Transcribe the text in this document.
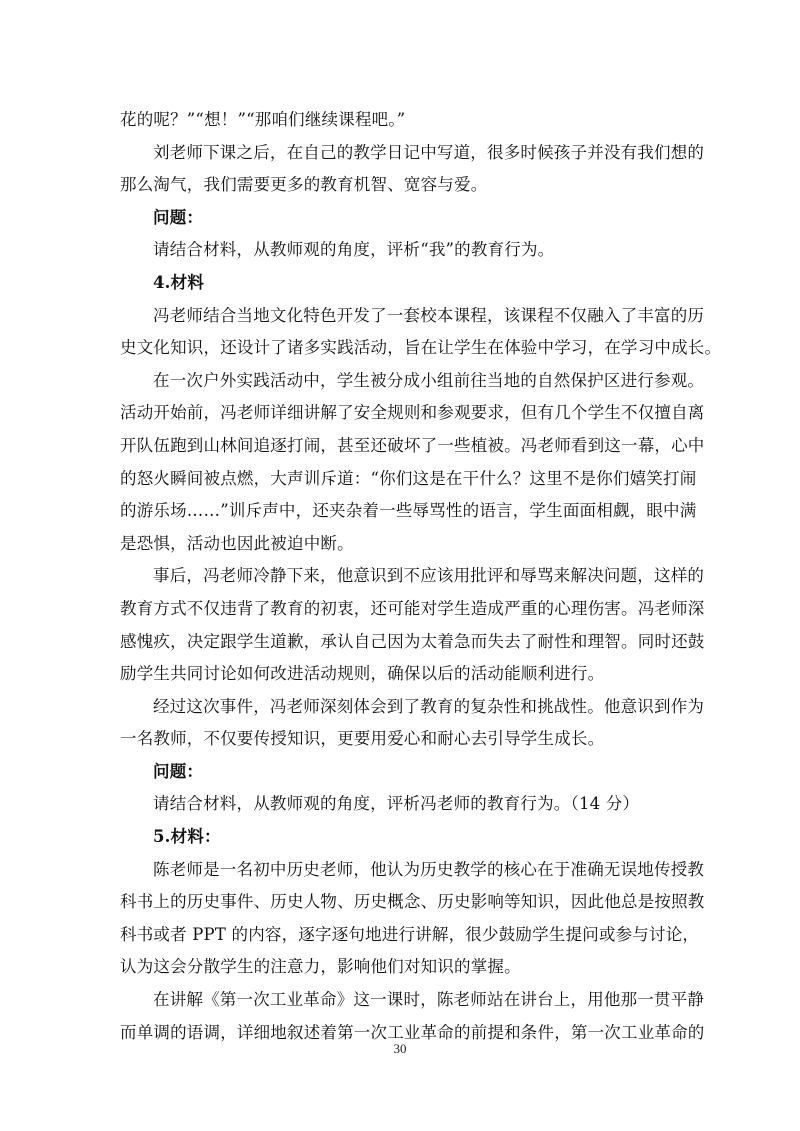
花的呢？”“想！”“那咱们继续课程吧。”
刘老师下课之后，在自己的教学日记中写道，很多时候孩子并没有我们想的
那么淘气，我们需要更多的教育机智、宽容与爱。
问题：
请结合材料，从教师观的角度，评析“我”的教育行为。
4.材料
冯老师结合当地文化特色开发了一套校本课程，该课程不仅融入了丰富的历
史文化知识，还设计了诸多实践活动，旨在让学生在体验中学习，在学习中成长。
在一次户外实践活动中，学生被分成小组前往当地的自然保护区进行参观。
活动开始前，冯老师详细讲解了安全规则和参观要求，但有几个学生不仅擅自离
开队伍跑到山林间追逐打闹，甚至还破坏了一些植被。冯老师看到这一幕，心中
的怒火瞬间被点燃，大声训斥道：“你们这是在干什么？这里不是你们嬉笑打闹
的游乐场……”训斥声中，还夹杂着一些辱骂性的语言，学生面面相觑，眼中满
是恐惧，活动也因此被迫中断。
事后，冯老师冷静下来，他意识到不应该用批评和辱骂来解决问题，这样的
教育方式不仅违背了教育的初衷，还可能对学生造成严重的心理伤害。冯老师深
感愧疚，决定跟学生道歉，承认自己因为太着急而失去了耐性和理智。同时还鼓
励学生共同讨论如何改进活动规则，确保以后的活动能顺利进行。
经过这次事件，冯老师深刻体会到了教育的复杂性和挑战性。他意识到作为
一名教师，不仅要传授知识，更要用爱心和耐心去引导学生成长。
问题：
请结合材料，从教师观的角度，评析冯老师的教育行为。（14 分）
5.材料：
陈老师是一名初中历史老师，他认为历史教学的核心在于准确无误地传授教
科书上的历史事件、历史人物、历史概念、历史影响等知识，因此他总是按照教
科书或者 PPT 的内容，逐字逐句地进行讲解，很少鼓励学生提问或参与讨论，
认为这会分散学生的注意力，影响他们对知识的掌握。
在讲解《第一次工业革命》这一课时，陈老师站在讲台上，用他那一贯平静
而单调的语调，详细地叙述着第一次工业革命的前提和条件，第一次工业革命的
30
